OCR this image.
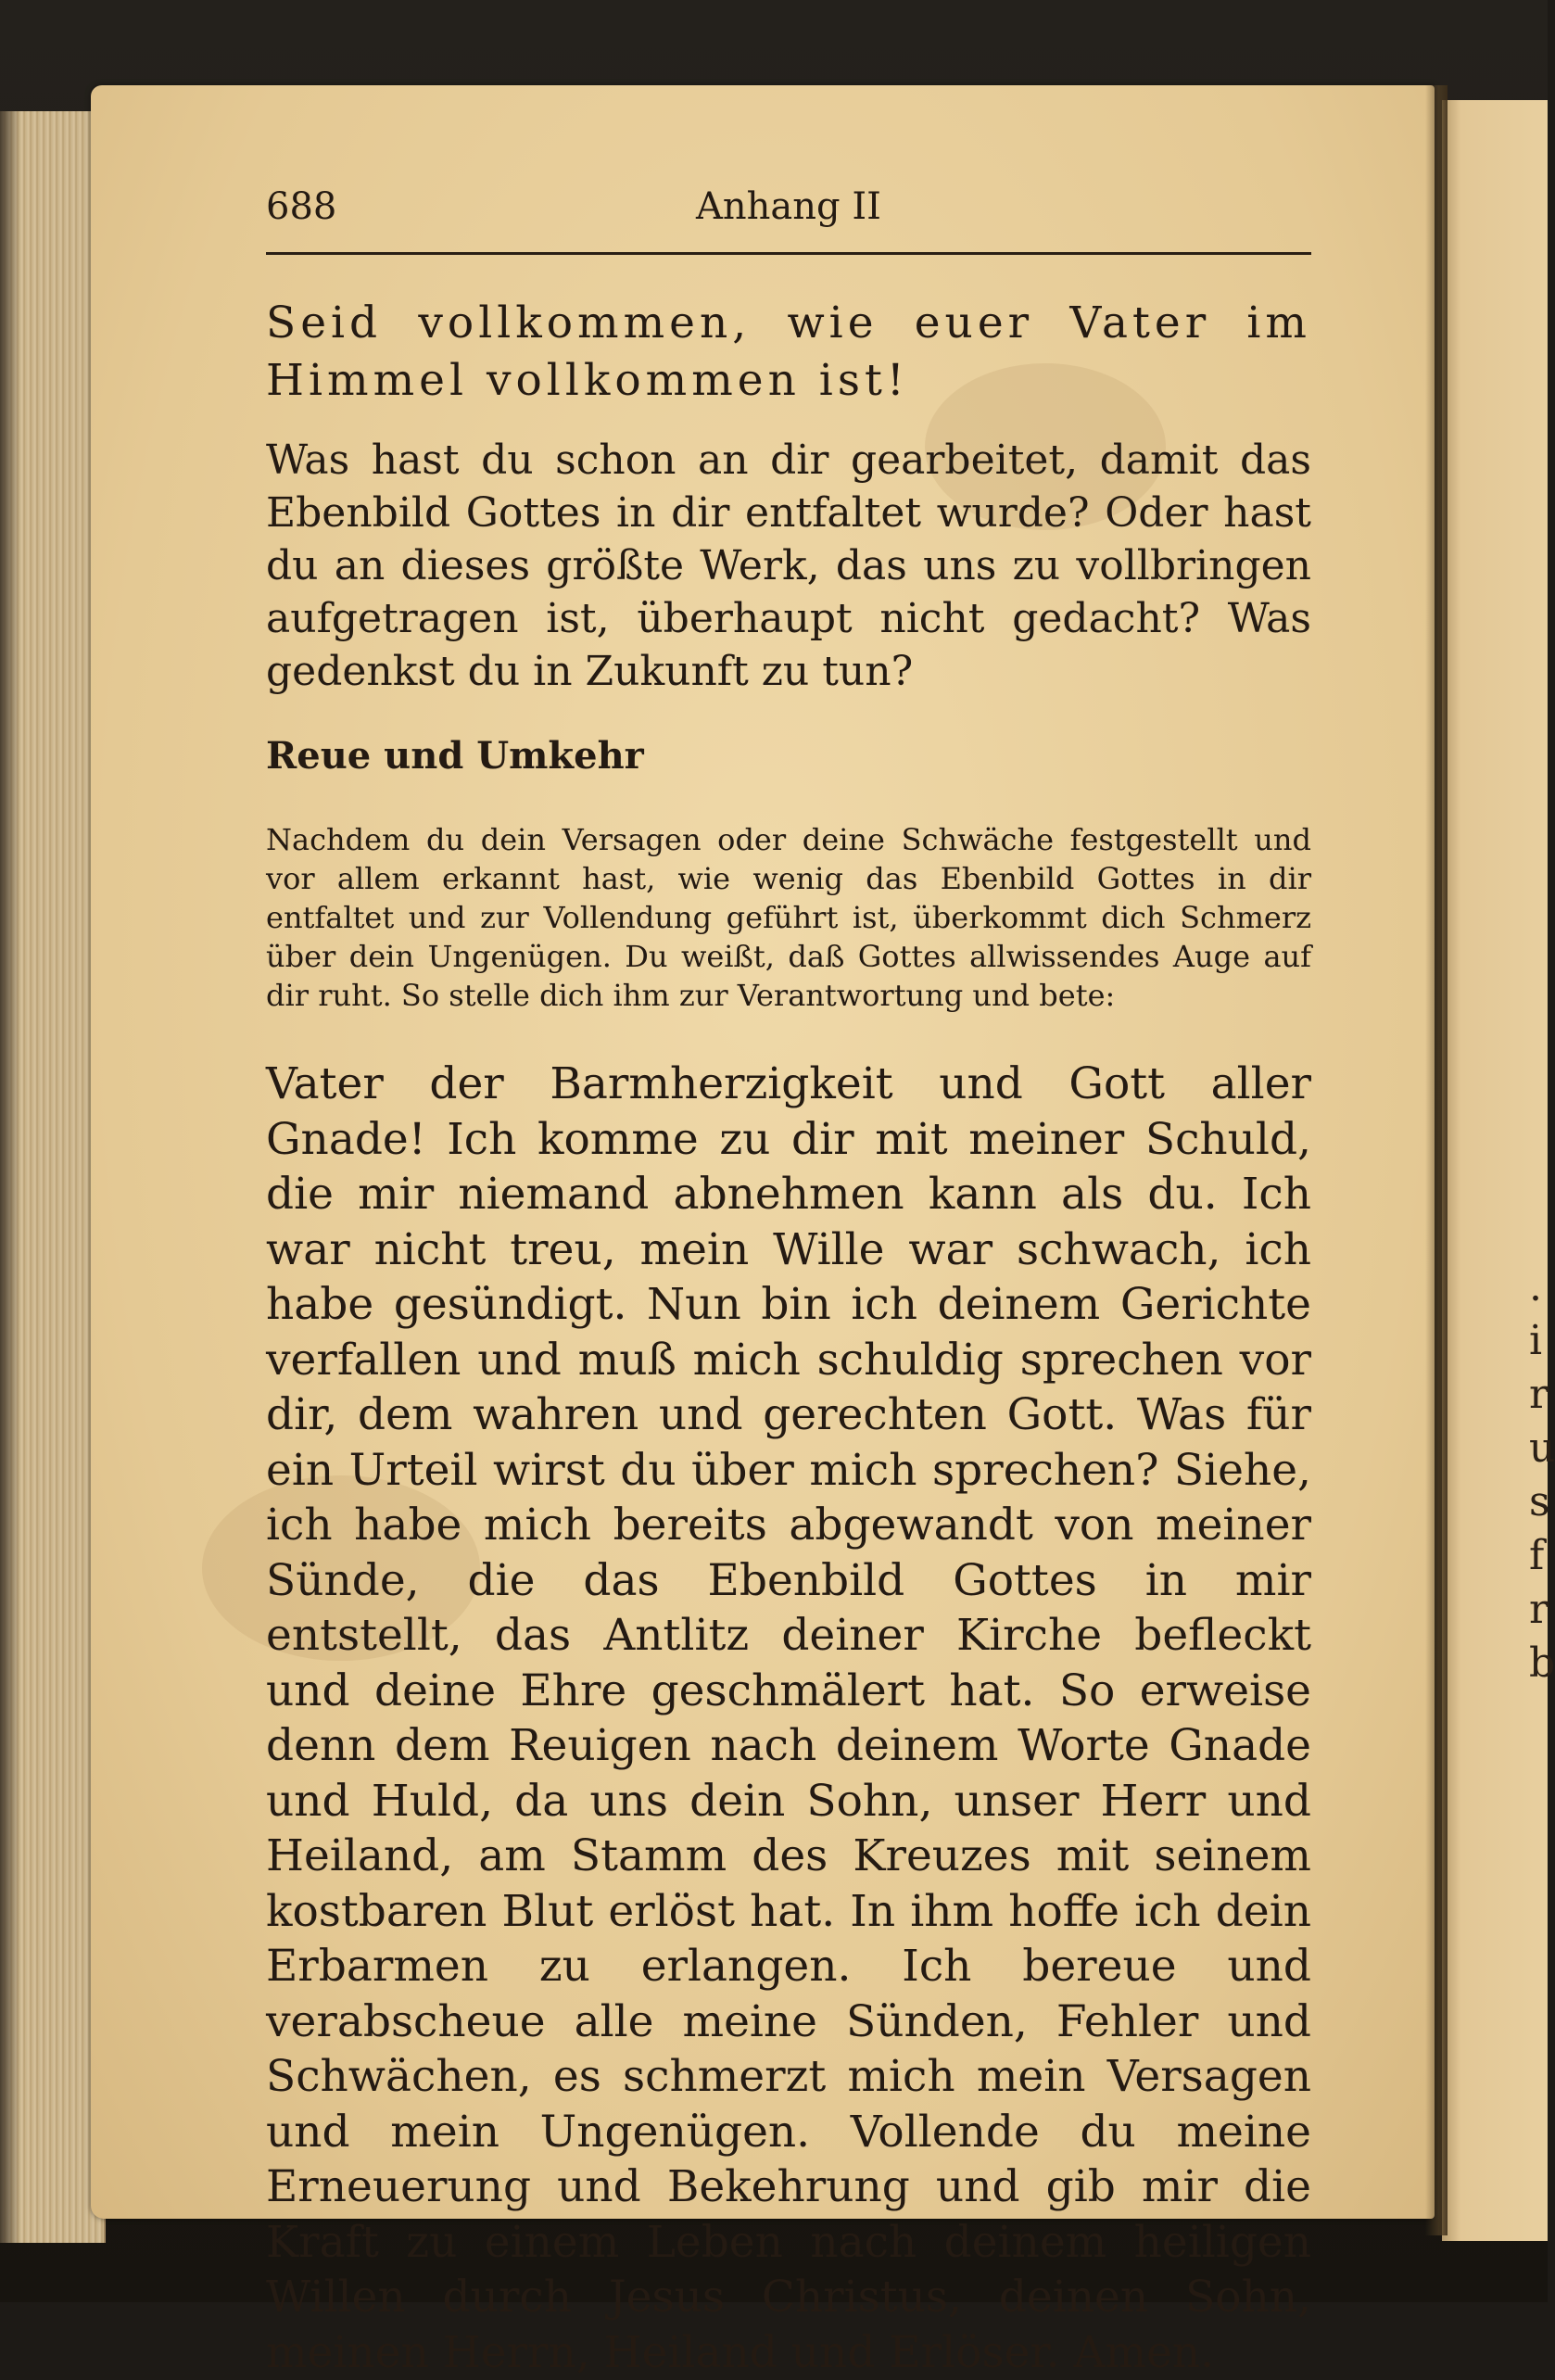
.
i
r
u
s
f
r
b
688	Anhang II
Seid vollkommen, wie euer Vater im Himmel vollkommen ist!
Was hast du schon an dir gearbeitet, damit das Ebenbild Gottes in dir entfaltet wurde? Oder hast du an dieses größte Werk, das uns zu vollbringen aufgetragen ist, überhaupt nicht gedacht? Was gedenkst du in Zukunft zu tun?
Reue und Umkehr
Nachdem du dein Versagen oder deine Schwäche festgestellt und vor allem erkannt hast, wie wenig das Ebenbild Gottes in dir entfaltet und zur Vollendung geführt ist, überkommt dich Schmerz über dein Ungenügen. Du weißt, daß Gottes allwissendes Auge auf dir ruht. So stelle dich ihm zur Verantwortung und bete:
Vater der Barmherzigkeit und Gott aller Gnade! Ich komme zu dir mit meiner Schuld, die mir niemand abnehmen kann als du. Ich war nicht treu, mein Wille war schwach, ich habe gesündigt. Nun bin ich deinem Gerichte verfallen und muß mich schuldig sprechen vor dir, dem wahren und gerechten Gott. Was für ein Urteil wirst du über mich sprechen? Siehe, ich habe mich bereits abgewandt von meiner Sünde, die das Ebenbild Gottes in mir entstellt, das Antlitz deiner Kirche befleckt und deine Ehre geschmälert hat. So erweise denn dem Reuigen nach deinem Worte Gnade und Huld, da uns dein Sohn, unser Herr und Heiland, am Stamm des Kreuzes mit seinem kostbaren Blut erlöst hat. In ihm hoffe ich dein Erbarmen zu erlangen. Ich bereue und verabscheue alle meine Sünden, Fehler und Schwächen, es schmerzt mich mein Versagen und mein Ungenügen. Vollende du meine Erneuerung und Bekehrung und gib mir die Kraft zu einem Leben nach deinem heiligen Willen durch Jesus Christus, deinen Sohn, meinen Herrn, Heiland und Erlöser. Amen.
